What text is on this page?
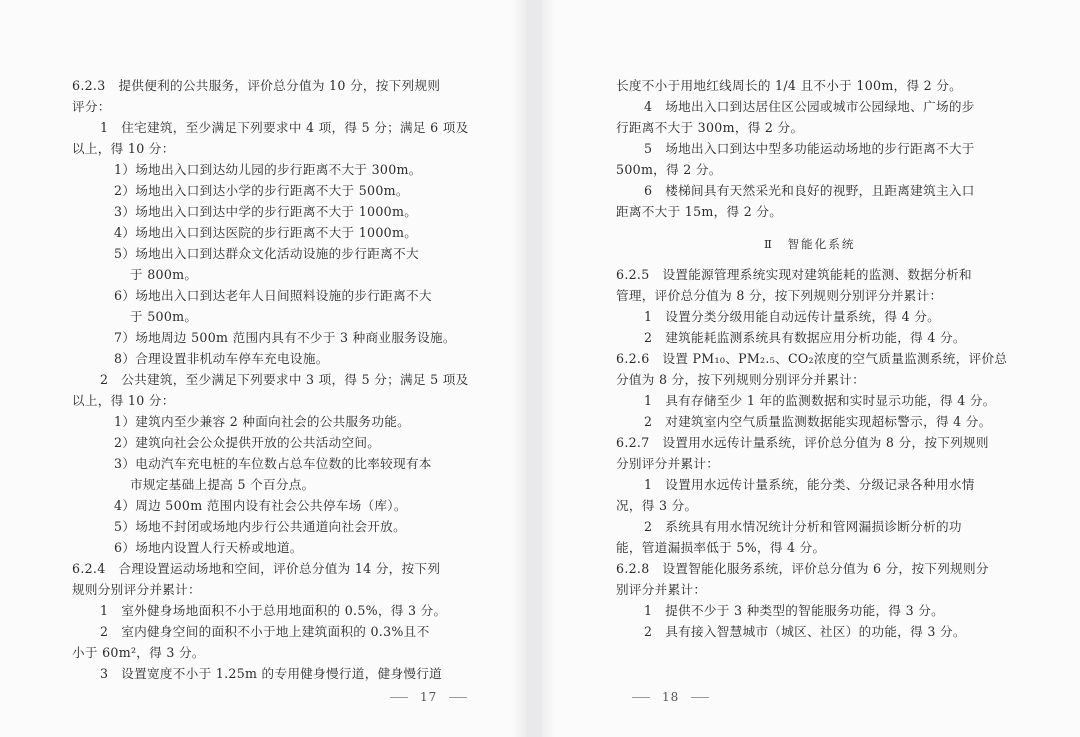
6.2.3　提供便利的公共服务，评价总分值为 10 分，按下列规则
评分：
1　住宅建筑，至少满足下列要求中 4 项，得 5 分；满足 6 项及
以上，得 10 分：
1）场地出入口到达幼儿园的步行距离不大于 300m。
2）场地出入口到达小学的步行距离不大于 500m。
3）场地出入口到达中学的步行距离不大于 1000m。
4）场地出入口到达医院的步行距离不大于 1000m。
5）场地出入口到达群众文化活动设施的步行距离不大
于 800m。
6）场地出入口到达老年人日间照料设施的步行距离不大
于 500m。
7）场地周边 500m 范围内具有不少于 3 种商业服务设施。
8）合理设置非机动车停车充电设施。
2　公共建筑，至少满足下列要求中 3 项，得 5 分；满足 5 项及
以上，得 10 分：
1）建筑内至少兼容 2 种面向社会的公共服务功能。
2）建筑向社会公众提供开放的公共活动空间。
3）电动汽车充电桩的车位数占总车位数的比率较现有本
市规定基础上提高 5 个百分点。
4）周边 500m 范围内设有社会公共停车场（库）。
5）场地不封闭或场地内步行公共通道向社会开放。
6）场地内设置人行天桥或地道。
6.2.4　合理设置运动场地和空间，评价总分值为 14 分，按下列
规则分别评分并累计：
1　室外健身场地面积不小于总用地面积的 0.5%，得 3 分。
2　室内健身空间的面积不小于地上建筑面积的 0.3%且不
小于 60m²，得 3 分。
3　设置宽度不小于 1.25m 的专用健身慢行道，健身慢行道
17
长度不小于用地红线周长的 1/4 且不小于 100m，得 2 分。
4　场地出入口到达居住区公园或城市公园绿地、广场的步
行距离不大于 300m，得 2 分。
5　场地出入口到达中型多功能运动场地的步行距离不大于
500m，得 2 分。
6　楼梯间具有天然采光和良好的视野，且距离建筑主入口
距离不大于 15m，得 2 分。
Ⅱ　智能化系统
6.2.5　设置能源管理系统实现对建筑能耗的监测、数据分析和
管理，评价总分值为 8 分，按下列规则分别评分并累计：
1　设置分类分级用能自动远传计量系统，得 4 分。
2　建筑能耗监测系统具有数据应用分析功能，得 4 分。
6.2.6　设置 PM₁₀、PM₂.₅、CO₂浓度的空气质量监测系统，评价总
分值为 8 分，按下列规则分别评分并累计：
1　具有存储至少 1 年的监测数据和实时显示功能，得 4 分。
2　对建筑室内空气质量监测数据能实现超标警示，得 4 分。
6.2.7　设置用水远传计量系统，评价总分值为 8 分，按下列规则
分别评分并累计：
1　设置用水远传计量系统，能分类、分级记录各种用水情
况，得 3 分。
2　系统具有用水情况统计分析和管网漏损诊断分析的功
能，管道漏损率低于 5%，得 4 分。
6.2.8　设置智能化服务系统，评价总分值为 6 分，按下列规则分
别评分并累计：
1　提供不少于 3 种类型的智能服务功能，得 3 分。
2　具有接入智慧城市（城区、社区）的功能，得 3 分。
18
